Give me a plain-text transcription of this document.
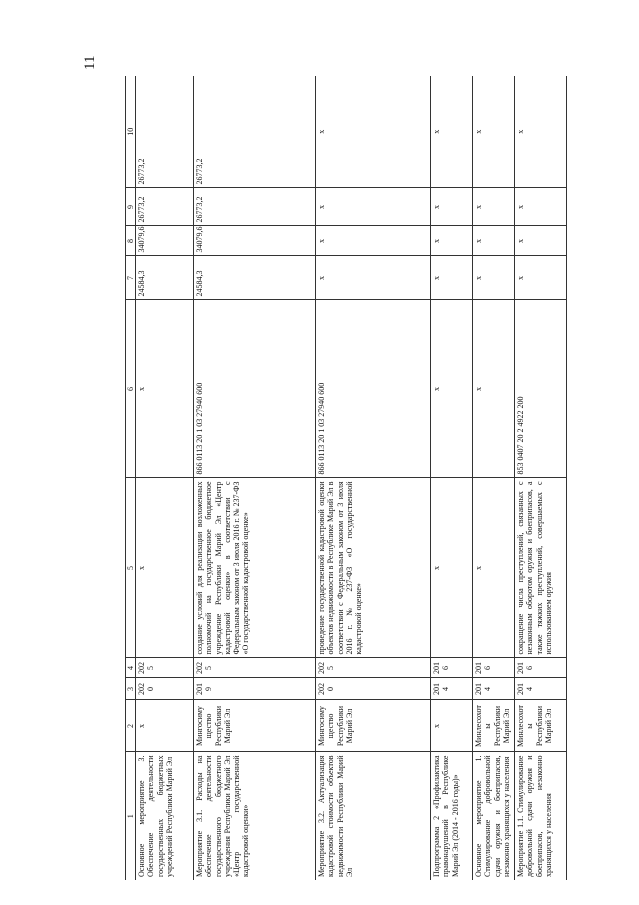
11
1	2	3	4	5	6	7	8	9	10

Основное мероприятие 3. Обеспечение деятельности государственных бюджетных учреждений Республики Марий Эл	х	2020	2025	х	х	24584,3	34079,6	26773,2	26773,2

Мероприятие 3.1. Расходы на обеспечение деятельности государственного бюджетного учреждения Республики Марий Эл «Центр государственной кадастровой оценки»	Мингосимущество Республики Марий Эл	2019	2025	создание условий для реализации возложенных полномочий на государственное бюджетное учреждение Республики Марий Эл «Центр кадастровой оценки» в соответствии с Федеральным законом от 3 июля 2016 г. № 237-ФЗ «О государственной кадастровой оценке»	866 0113 20 1 03 27940 600	24584,3	34079,6	26773,2	26773,2

Мероприятие 3.2. Актуализация кадастровой стоимости объектов недвижимости Республики Марий Эл	Мингосимущество Республики Марий Эл	2020	2025	проведение государственной кадастровой оценки объектов недвижимости в Республике Марий Эл в соответствии с Федеральным законом от 3 июля 2016 г. № 237-ФЗ «О государственной кадастровой оценке»	866 0113 20 1 03 27940 600	х	х	х	х

Подпрограмма 2 «Профилактика правонарушений в Республике Марий Эл (2014 - 2016 годы)»	х	2014	2016	х	х	х	х	х	х

Основное мероприятие 1. Стимулирование добровольной сдачи оружия и боеприпасов, незаконно хранящихся у населения	Минлесохоты Республики Марий Эл	2014	2016	х	х	х	х	х	х

Мероприятие 1.1. Стимулирование добровольной сдачи оружия и боеприпасов, незаконно хранящихся у населения	Минлесохоты Республики Марий Эл	2014	2016	сокращение числа преступлений, связанных с незаконным оборотом оружия и боеприпасов, а также тяжких преступлений, совершаемых с использованием оружия	853 0407 20 2 4922 200	х	х	х	х
